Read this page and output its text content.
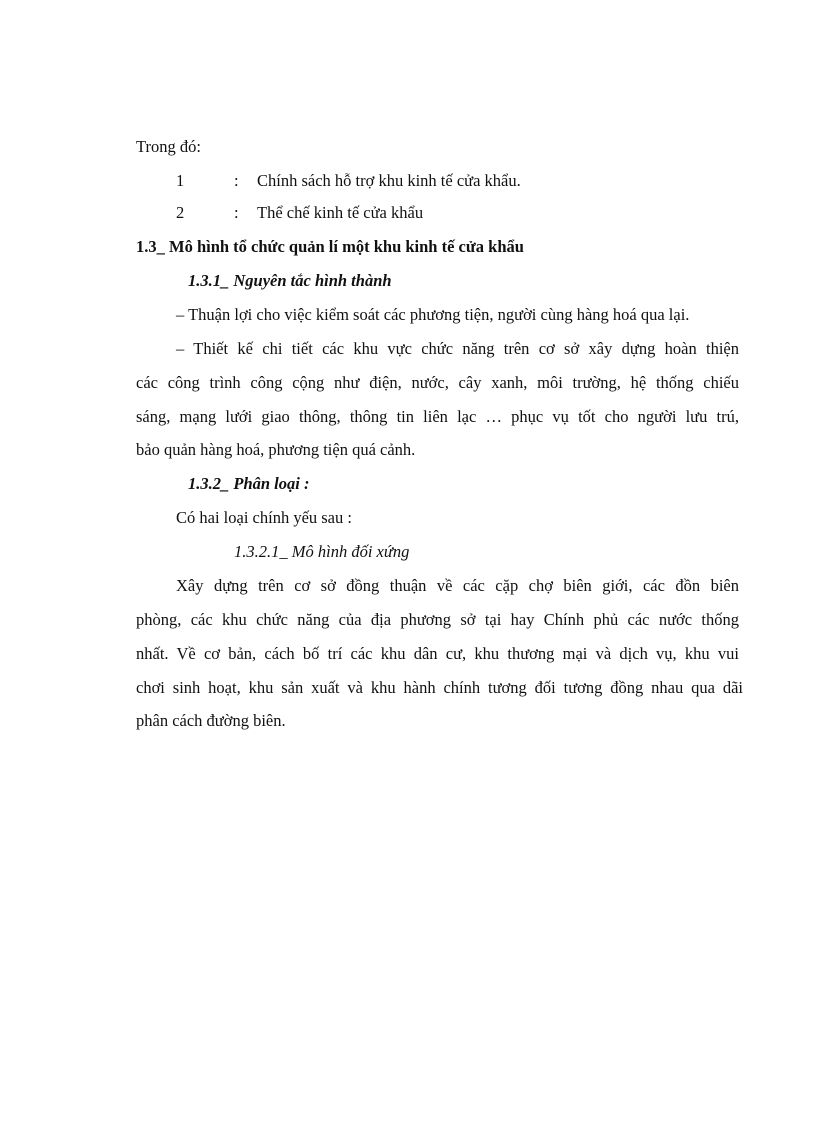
Trong đó:
1	: Chính sách hỗ trợ khu kinh tế cửa khẩu.
2	: Thể chế kinh tế cửa khẩu
1.3_ Mô hình tổ chức quản lí một khu kinh tế cửa khẩu
1.3.1_ Nguyên tắc hình thành
– Thuận lợi cho việc kiểm soát các phương tiện, người cùng hàng hoá qua lại.
– Thiết kế chi tiết các khu vực chức năng trên cơ sở xây dựng hoàn thiện
các công trình công cộng như điện, nước, cây xanh, môi trường, hệ thống chiếu
sáng, mạng lưới giao thông, thông tin liên lạc … phục vụ tốt cho người lưu trú,
bảo quản hàng hoá, phương tiện quá cảnh.
1.3.2_ Phân loại :
Có hai loại chính yếu sau :
1.3.2.1_ Mô hình đối xứng
Xây dựng trên cơ sở đồng thuận về các cặp chợ biên giới, các đồn biên
phòng, các khu chức năng của địa phương sở tại hay Chính phủ các nước thống
nhất. Về cơ bản, cách bố trí các khu dân cư, khu thương mại và dịch vụ, khu vui
chơi sinh hoạt, khu sản xuất và khu hành chính tương đối tương đồng nhau qua dãi
phân cách đường biên.
